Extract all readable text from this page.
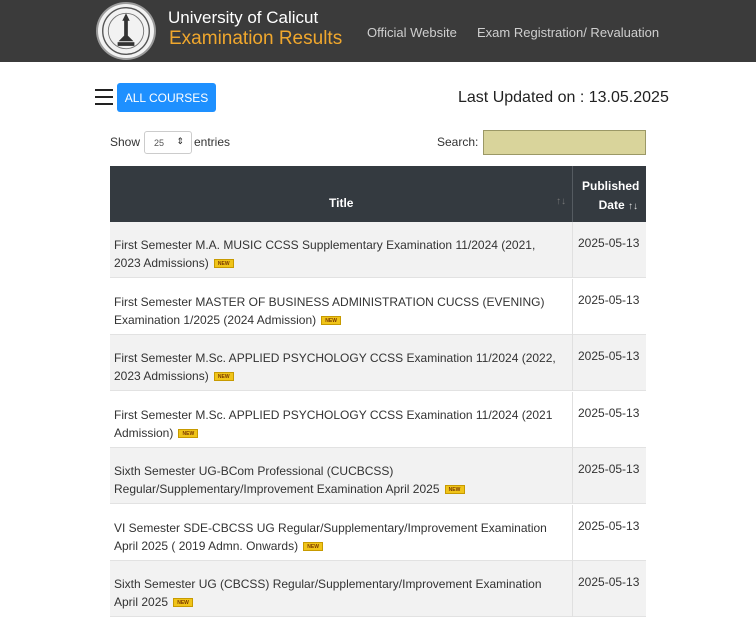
University of Calicut
Examination Results Official Website Exam Registration/ Revaluation
ALL COURSES	Last Updated on : 13.05.2025
Show 25 ⇕ entries	Search:
Title	↑↓
Published
Date ↑↓
First Semester M.A. MUSIC CCSS Supplementary Examination 11/2024 (2021, 2023 Admissions) NEW
2025-05-13
First Semester MASTER OF BUSINESS ADMINISTRATION CUCSS (EVENING) Examination 1/2025 (2024 Admission) NEW
2025-05-13
First Semester M.Sc. APPLIED PSYCHOLOGY CCSS Examination 11/2024 (2022, 2023 Admissions) NEW
2025-05-13
First Semester M.Sc. APPLIED PSYCHOLOGY CCSS Examination 11/2024 (2021 Admission) NEW
2025-05-13
Sixth Semester UG-BCom Professional (CUCBCSS) Regular/Supplementary/Improvement Examination April 2025 NEW
2025-05-13
VI Semester SDE-CBCSS UG Regular/Supplementary/Improvement Examination April 2025 ( 2019 Admn. Onwards) NEW
2025-05-13
Sixth Semester UG (CBCSS) Regular/Supplementary/Improvement Examination April 2025 NEW
2025-05-13
